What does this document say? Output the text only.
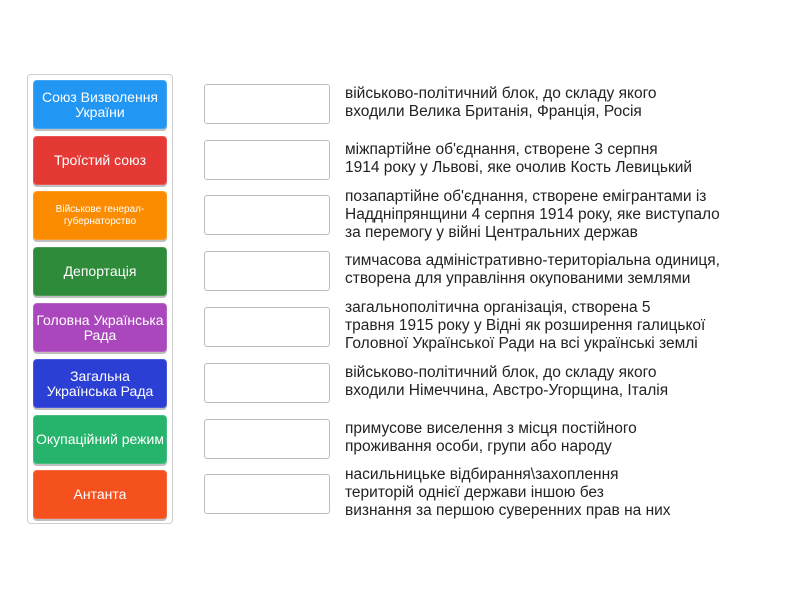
Союз Визволення України
Троїстий союз
Військове генерал-губернаторство
Депортація
Головна Українська Рада
Загальна Українська Рада
Окупаційний режим
Антанта
військово-політичний блок, до складу якого
входили Велика Британія, Франція, Росія
міжпартійне об'єднання, створене 3 серпня
1914 року у Львові, яке очолив Кость Левицький
позапартійне об'єднання, створене емігрантами із
Наддніпрянщини 4 серпня 1914 року, яке виступало
за перемогу у війні Центральних держав
тимчасова адміністративно-територіальна одиниця,
створена для управління окупованими землями
загальнополітична організація, створена 5
травня 1915 року у Відні як розширення галицької
Головної Української Ради на всі українські землі
військово-політичний блок, до складу якого
входили Німеччина, Австро-Угорщина, Італія
примусове виселення з місця постійного
проживання особи, групи або народу
насильницьке відбирання\захоплення
територій однієї держави іншою без
визнання за першою суверенних прав на них
